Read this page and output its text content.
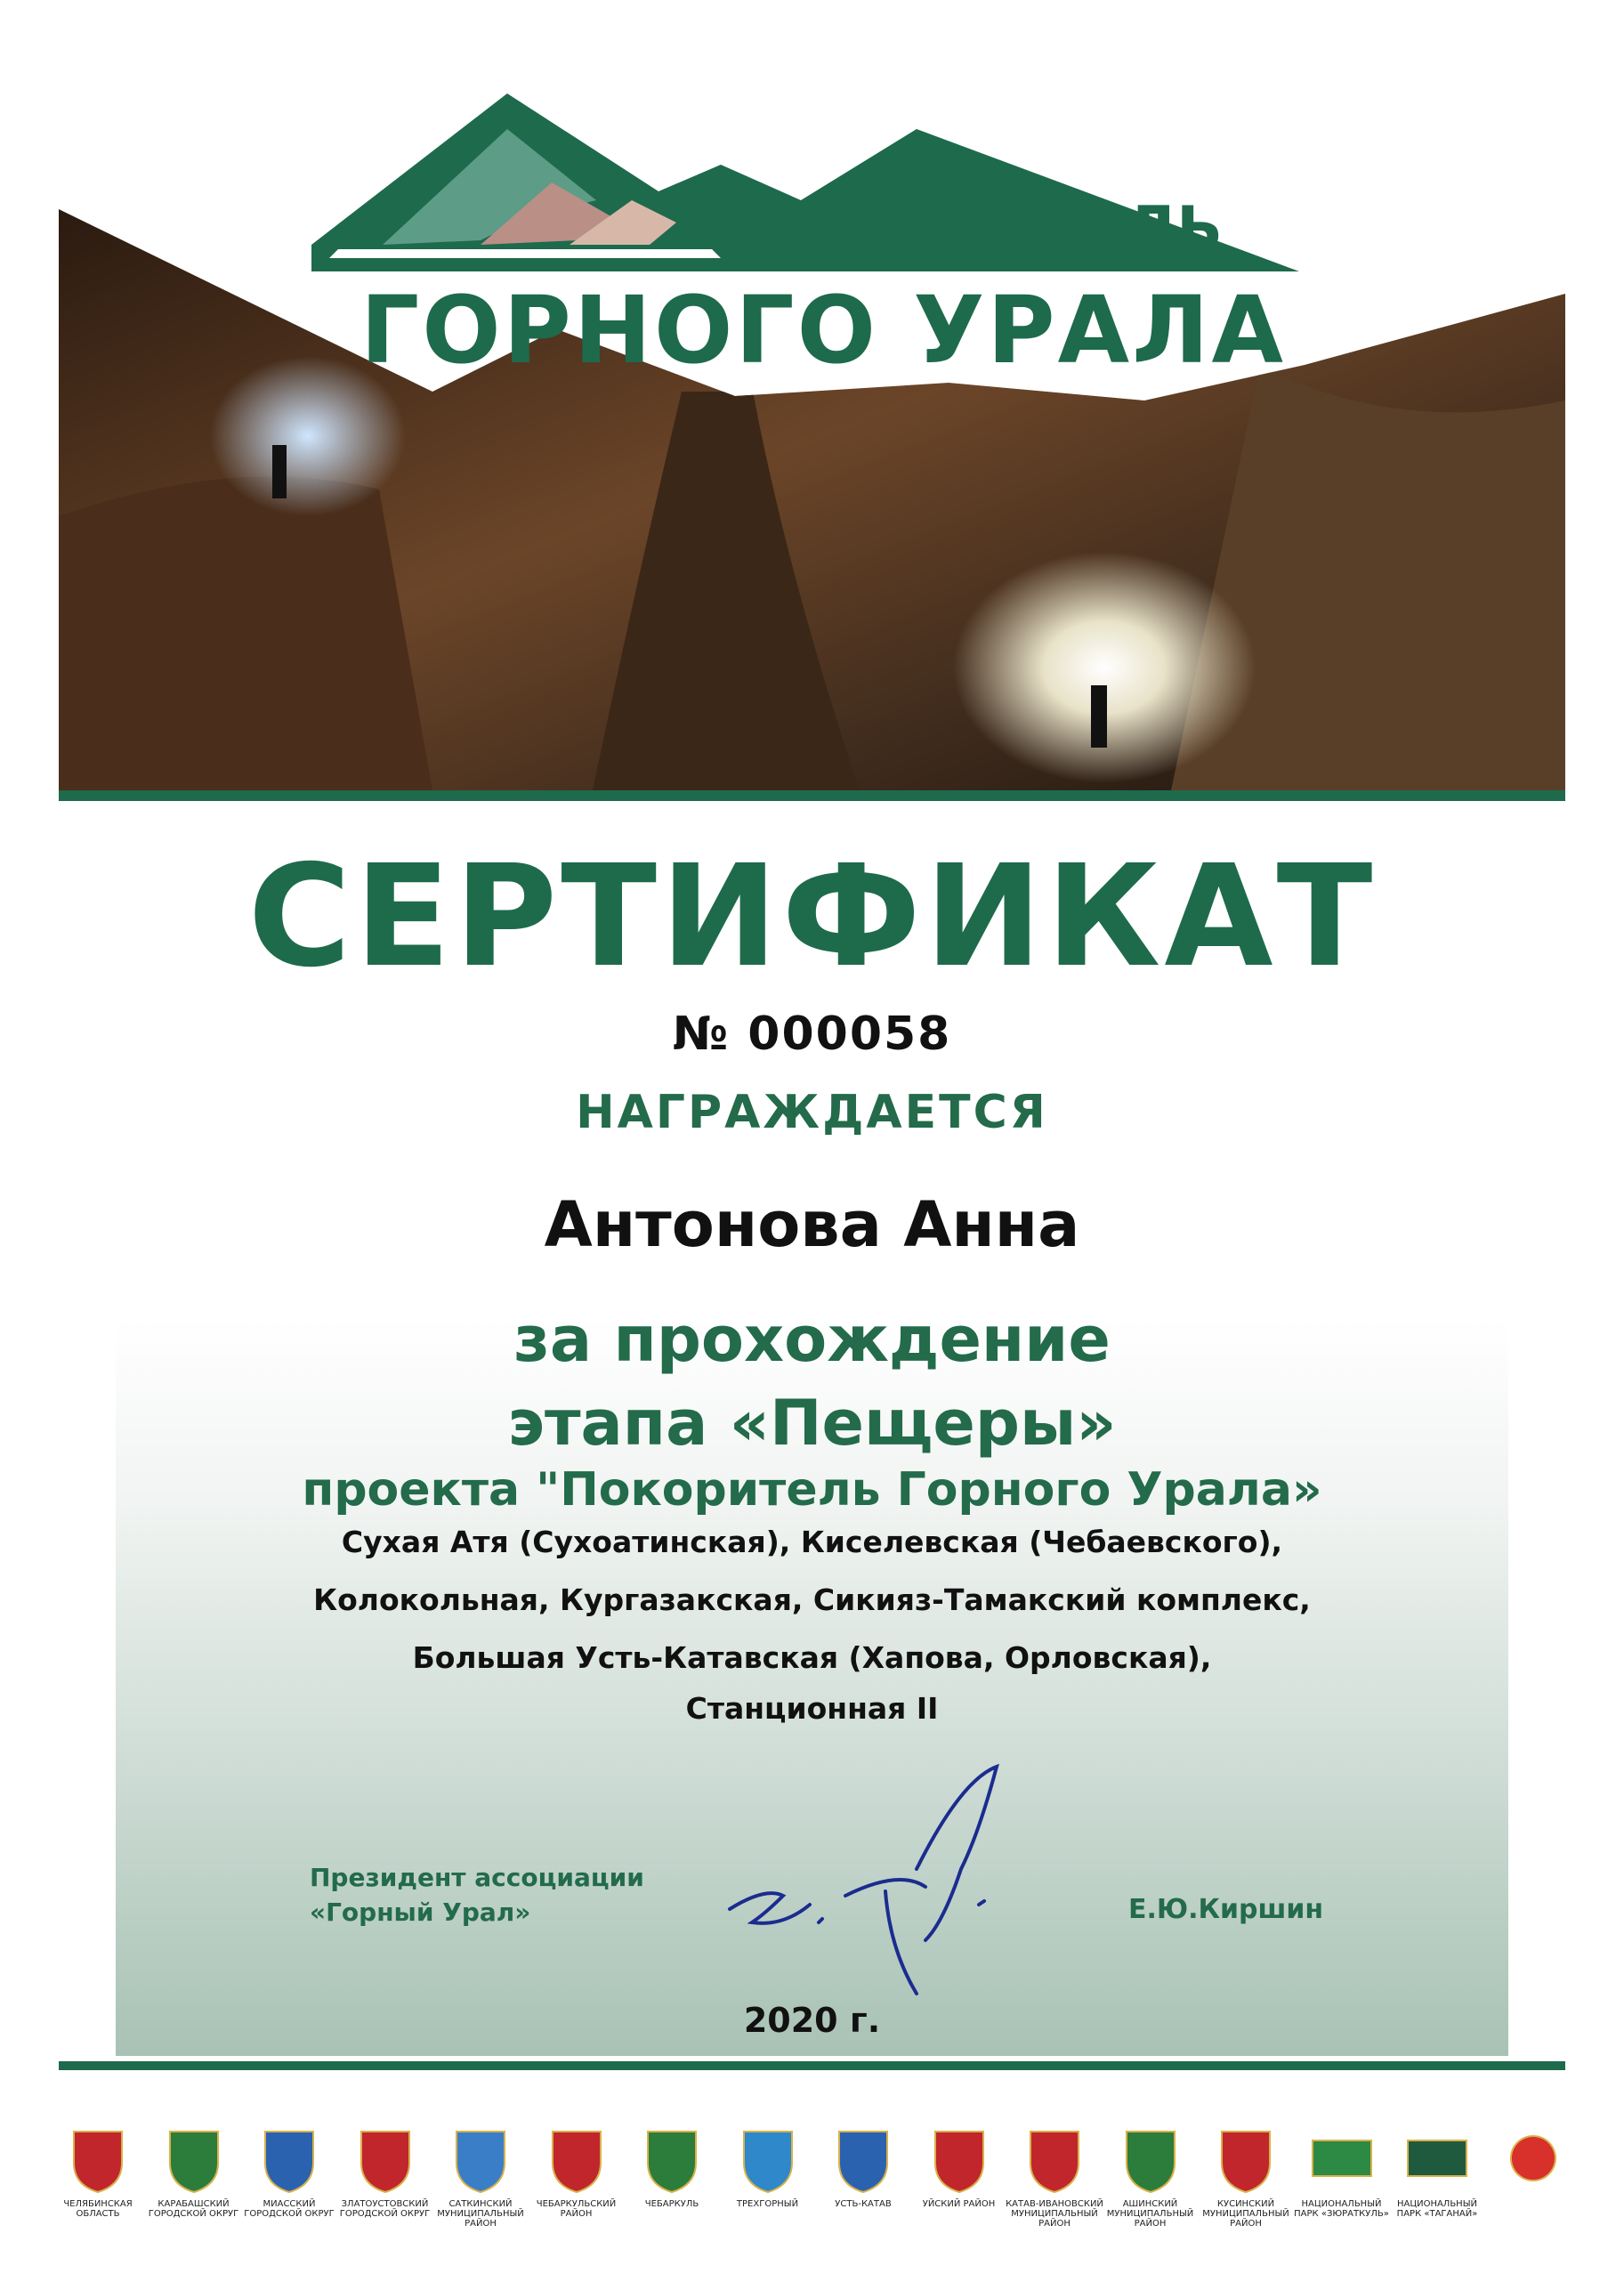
ПОКОРИТЕЛЬ
ГОРНОГО УРАЛА
СЕРТИФИКАТ
№ 000058
НАГРАЖДАЕТСЯ
Антонова Анна
за прохождение
этапа «Пещеры»
проекта "Покоритель Горного Урала»
Сухая Атя (Сухоатинская), Киселевская (Чебаевского),
Колокольная, Кургазакская, Сикияз-Тамакский комплекс,
Большая Усть-Катавская (Хапова, Орловская),
Станционная II
Президент ассоциации
«Горный Урал»	Е.Ю.Киршин
2020 г.
ЧЕЛЯБИНСКАЯ ОБЛАСТЬ
КАРАБАШСКИЙ ГОРОДСКОЙ ОКРУГ
МИАССКИЙ ГОРОДСКОЙ ОКРУГ
ЗЛАТОУСТОВСКИЙ ГОРОДСКОЙ ОКРУГ
САТКИНСКИЙ МУНИЦИПАЛЬНЫЙ РАЙОН
ЧЕБАРКУЛЬСКИЙ РАЙОН
ЧЕБАРКУЛЬ	ТРЕХГОРНЫЙ	УСТЬ-КАТАВ	УЙСКИЙ РАЙОН	КАТАВ-ИВАНОВСКИЙ МУНИЦИПАЛЬНЫЙ РАЙОН
АШИНСКИЙ МУНИЦИПАЛЬНЫЙ РАЙОН
КУСИНСКИЙ МУНИЦИПАЛЬНЫЙ РАЙОН
НАЦИОНАЛЬНЫЙ ПАРК «ЗЮРАТКУЛЬ»
НАЦИОНАЛЬНЫЙ ПАРК «ТАГАНАЙ»
